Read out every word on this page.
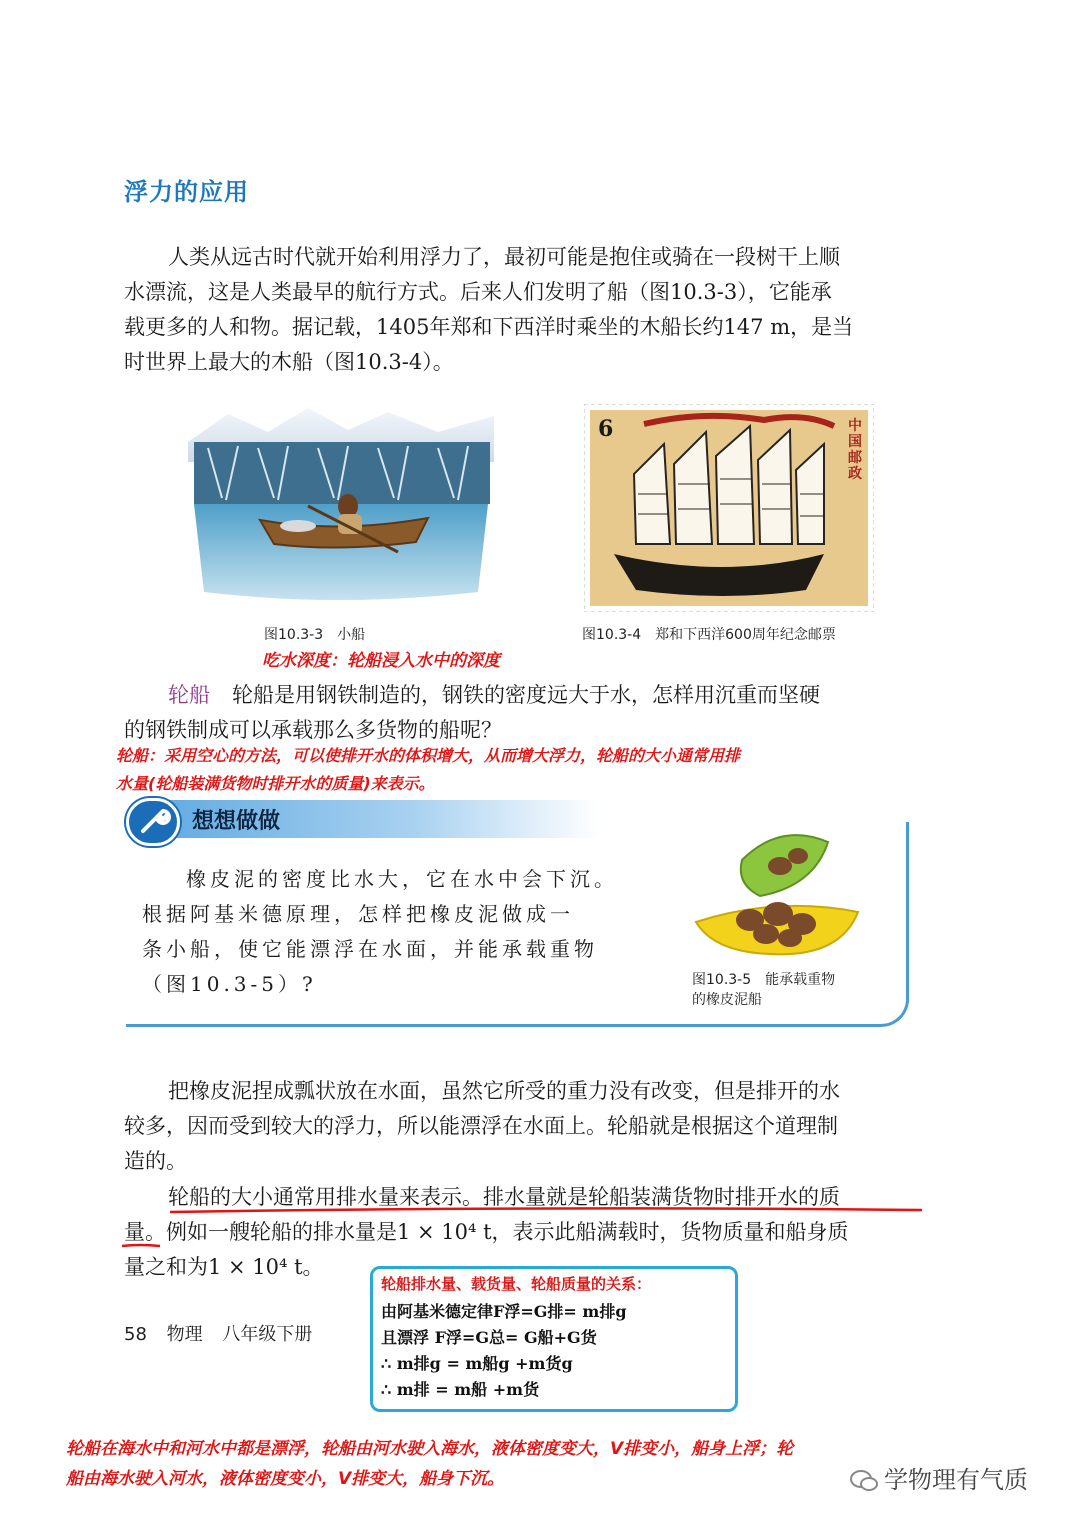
浮力的应用

人类从远古时代就开始利用浮力了，最初可能是抱住或骑在一段树干上顺

水漂流，这是人类最早的航行方式。后来人们发明了船（图10.3-3），它能承

载更多的人和物。据记载，1405年郑和下西洋时乘坐的木船长约147 m，是当

时世界上最大的木船（图10.3-4）。

图10.3-3　小船
6	中 国 邮 政
图10.3-4　郑和下西洋600周年纪念邮票
吃水深度：轮船浸入水中的深度

轮船 轮船是用钢铁制造的，钢铁的密度远大于水，怎样用沉重而坚硬

的钢铁制成可以承载那么多货物的船呢？

轮船：采用空心的方法，可以使排开水的体积增大，从而增大浮力，轮船的大小通常用排
水量(轮船装满货物时排开水的质量)来表示。
想想做做

橡皮泥的密度比水大，它在水中会下沉。

根据阿基米德原理，怎样把橡皮泥做成一

条小船，使它能漂浮在水面，并能承载重物

（图10.3-5）?	图10.3-5　能承载重物
的橡皮泥船

把橡皮泥捏成瓢状放在水面，虽然它所受的重力没有改变，但是排开的水

较多，因而受到较大的浮力，所以能漂浮在水面上。轮船就是根据这个道理制

造的。

轮船的大小通常用排水量来表示。排水量就是轮船装满货物时排开水的质

量。例如一艘轮船的排水量是1 × 10⁴ t，表示此船满载时，货物质量和船身质

量之和为1 × 10⁴ t。

58 物理 八年级下册
轮船排水量、载货量、轮船质量的关系：
由阿基米德定律F浮=G排= m排g
且漂浮 F浮=G总= G船+G货
∴ m排g = m船g +m货g
∴ m排 = m船 +m货
轮船在海水中和河水中都是漂浮，轮船由河水驶入海水，液体密度变大，V排变小，船身上浮；轮
船由海水驶入河水，液体密度变小，V排变大，船身下沉。	学物理有气质
